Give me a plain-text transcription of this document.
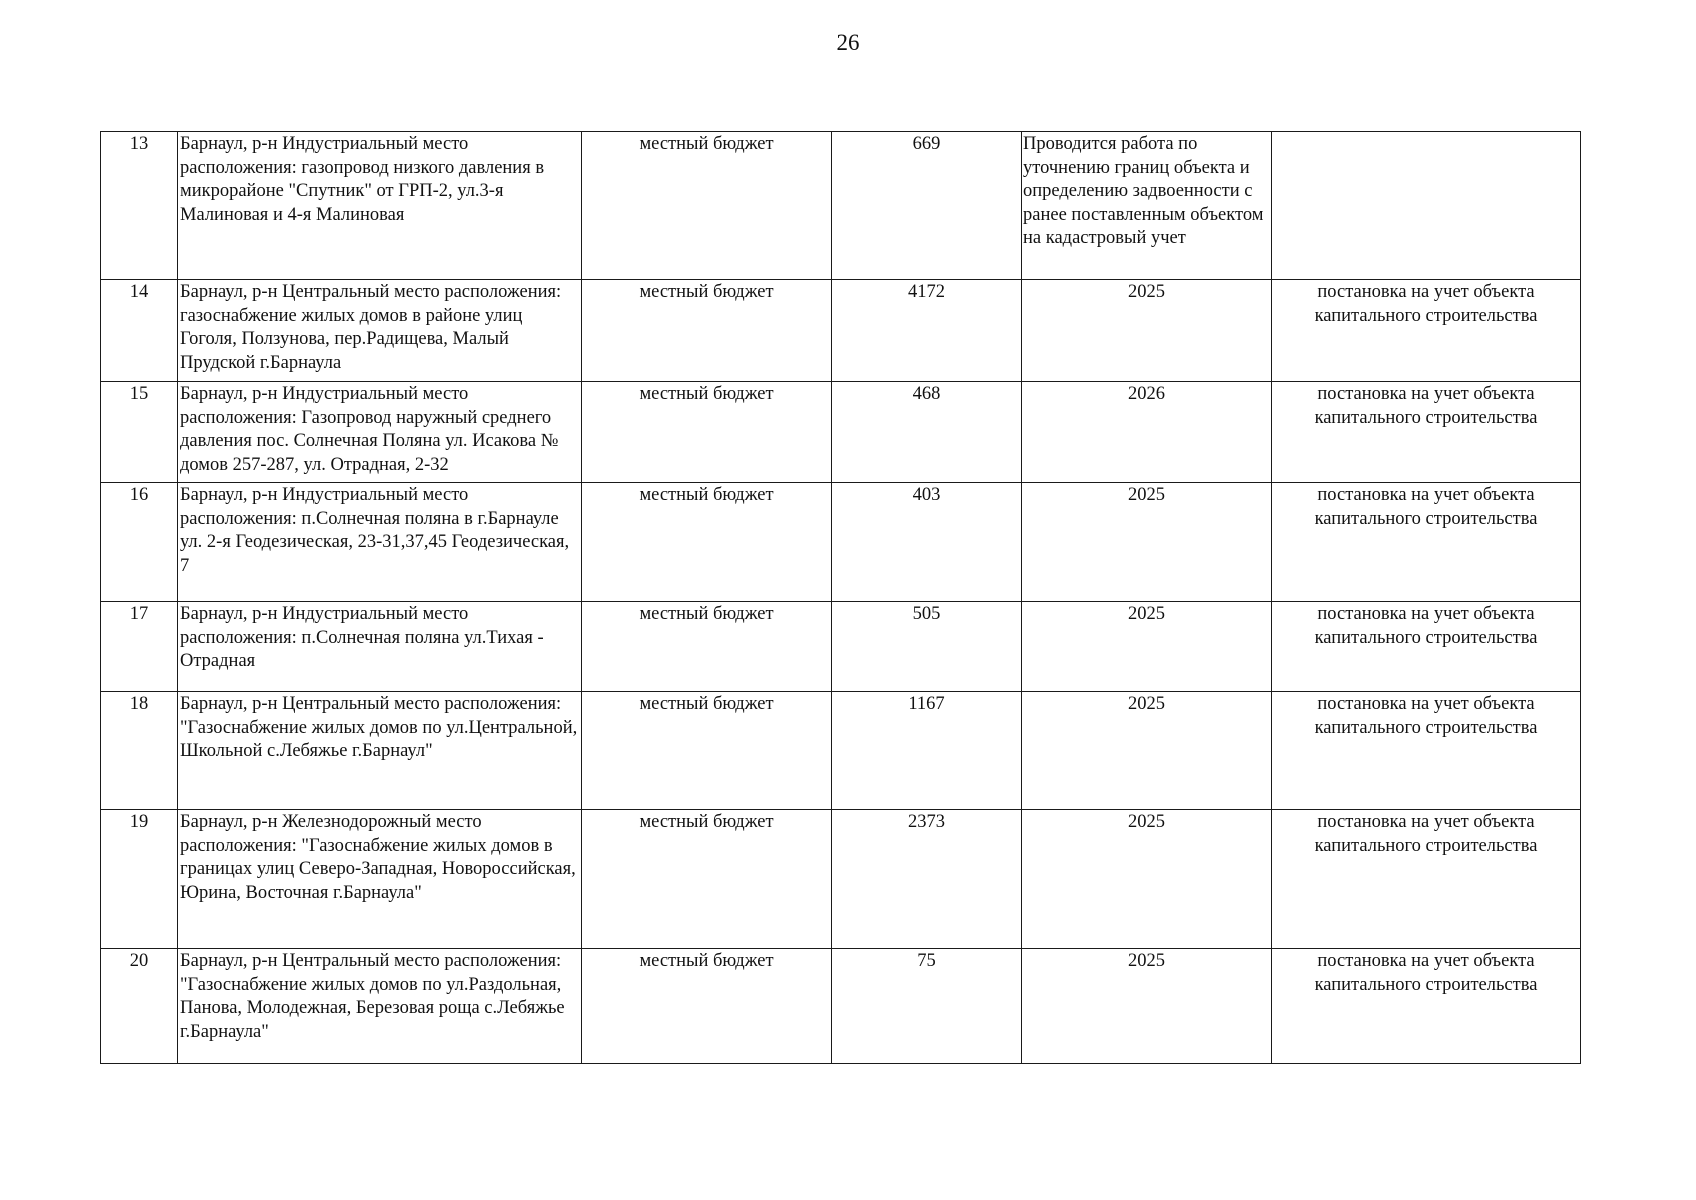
26
13	Барнаул, р-н Индустриальный место расположения: газопровод низкого давления в микрорайоне "Спутник" от ГРП-2, ул.3-я Малиновая и 4-я Малиновая	местный бюджет	669	Проводится работа по уточнению границ объекта и определению задвоенности с ранее поставленным объектом на кадастровый учет	
14	Барнаул, р-н Центральный место расположения: газоснабжение жилых домов в районе улиц Гоголя, Ползунова, пер.Радищева, Малый Прудской г.Барнаула	местный бюджет	4172	2025	постановка на учет объекта капитального строительства
15	Барнаул, р-н Индустриальный место расположения: Газопровод наружный среднего давления пос. Солнечная Поляна ул. Исакова № домов 257-287, ул. Отрадная, 2-32	местный бюджет	468	2026	постановка на учет объекта капитального строительства
16	Барнаул, р-н Индустриальный место расположения: п.Солнечная поляна в г.Барнауле ул. 2-я Геодезическая, 23-31,37,45 Геодезическая, 7	местный бюджет	403	2025	постановка на учет объекта капитального строительства
17	Барнаул, р-н Индустриальный место расположения: п.Солнечная поляна ул.Тихая - Отрадная	местный бюджет	505	2025	постановка на учет объекта капитального строительства
18	Барнаул, р-н Центральный место расположения: "Газоснабжение жилых домов по ул.Центральной, Школьной с.Лебяжье г.Барнаул"	местный бюджет	1167	2025	постановка на учет объекта капитального строительства
19	Барнаул, р-н Железнодорожный место расположения: "Газоснабжение жилых домов в границах улиц Северо-Западная, Новороссийская, Юрина, Восточная г.Барнаула"	местный бюджет	2373	2025	постановка на учет объекта капитального строительства
20	Барнаул, р-н Центральный место расположения: "Газоснабжение жилых домов по ул.Раздольная, Панова, Молодежная, Березовая роща с.Лебяжье г.Барнаула"	местный бюджет	75	2025	постановка на учет объекта капитального строительства
